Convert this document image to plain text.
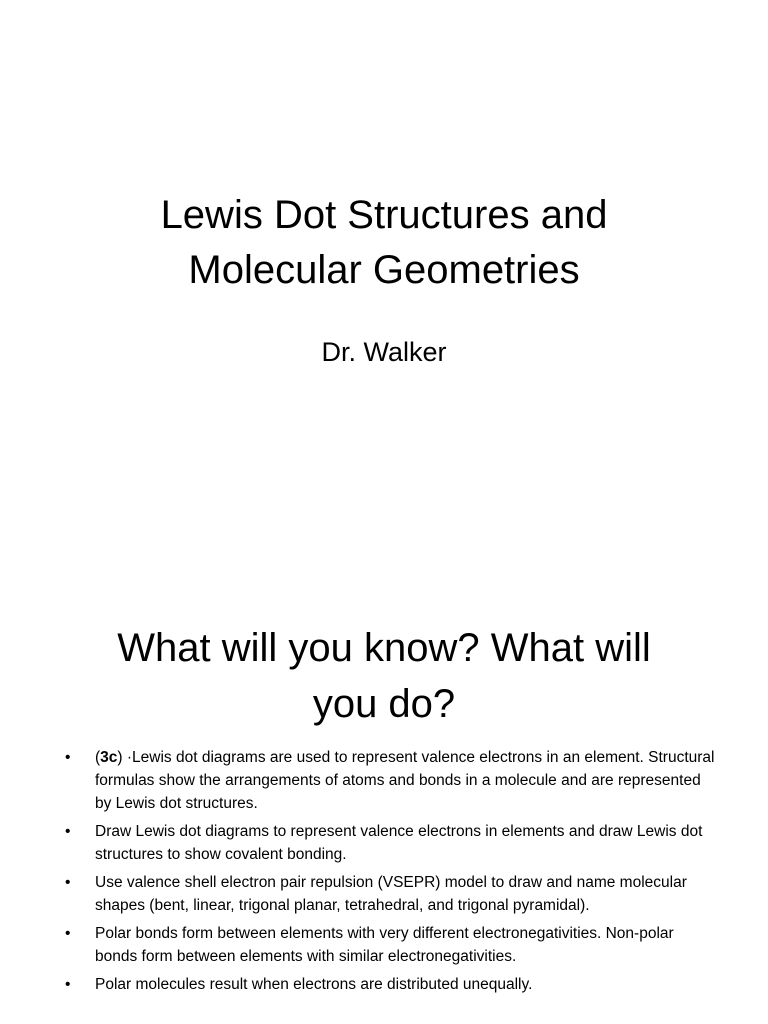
Lewis Dot Structures and
Molecular Geometries
Dr. Walker
What will you know? What will
you do?
• (3c) ·Lewis dot diagrams are used to represent valence electrons in an element. Structural formulas show the arrangements of atoms and bonds in a molecule and are represented by Lewis dot structures.
• Draw Lewis dot diagrams to represent valence electrons in elements and draw Lewis dot structures to show covalent bonding.
• Use valence shell electron pair repulsion (VSEPR) model to draw and name molecular shapes (bent, linear, trigonal planar, tetrahedral, and trigonal pyramidal).
• Polar bonds form between elements with very different electronegativities. Non-polar bonds form between elements with similar electronegativities.
• Polar molecules result when electrons are distributed unequally.
